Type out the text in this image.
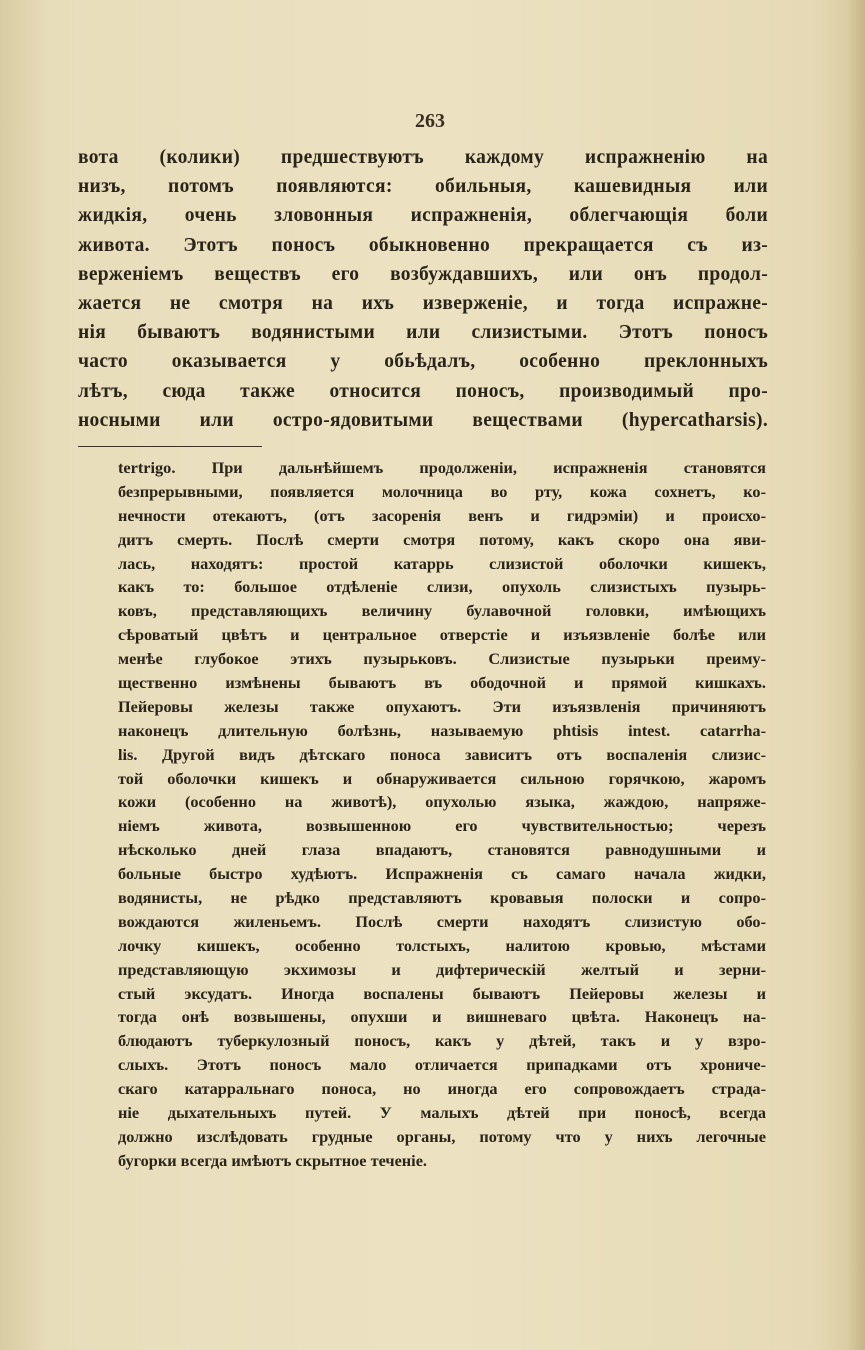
263
вота (колики) предшествуютъ каждому испражненію на
низъ, потомъ появляются: обильныя, кашевидныя или
жидкія, очень зловонныя испражненія, облегчающія боли
живота. Этотъ поносъ обыкновенно прекращается съ из-
верженіемъ веществъ его возбуждавшихъ, или онъ продол-
жается не смотря на ихъ изверженіе, и тогда испражне-
нія бываютъ водянистыми или слизистыми. Этотъ поносъ
часто оказывается у обьѣдалъ, особенно преклонныхъ
лѣтъ, сюда также относится поносъ, производимый про-
носными или остро-ядовитыми веществами (hypercatharsis).
tertrigo. При дальнѣйшемъ продолженіи, испражненія становятся
безпрерывными, появляется молочница во рту, кожа сохнетъ, ко-
нечности отекаютъ, (отъ засоренія венъ и гидрэміи) и происхо-
дитъ смерть. Послѣ смерти смотря потому, какъ скоро она яви-
лась, находятъ: простой катаррь слизистой оболочки кишекъ,
какъ то: большое отдѣленіе слизи, опухоль слизистыхъ пузырь-
ковъ, представляющихъ величину булавочной головки, имѣющихъ
сѣроватый цвѣтъ и центральное отверстіе и изъязвленіе болѣе или
менѣе глубокое этихъ пузырьковъ. Слизистые пузырьки преиму-
щественно измѣнены бываютъ въ ободочной и прямой кишкахъ.
Пейеровы железы также опухаютъ. Эти изъязвленія причиняютъ
наконецъ длительную болѣзнь, называемую phtisis intest. catarrha-
lis. Другой видъ дѣтскаго поноса зависитъ отъ воспаленія слизис-
той оболочки кишекъ и обнаруживается сильною горячкою, жаромъ
кожи (особенно на животѣ), опухолью языка, жаждою, напряже-
ніемъ живота, возвышенною его чувствительностью; черезъ
нѣсколько дней глаза впадаютъ, становятся равнодушными и
больные быстро худѣютъ. Испражненія съ самаго начала жидки,
водянисты, не рѣдко представляютъ кровавыя полоски и сопро-
вождаются жиленьемъ. Послѣ смерти находятъ слизистую обо-
лочку кишекъ, особенно толстыхъ, налитою кровью, мѣстами
представляющую экхимозы и дифтерическій желтый и зерни-
стый эксудатъ. Иногда воспалены бываютъ Пейеровы железы и
тогда онѣ возвышены, опухши и вишневаго цвѣта. Наконецъ на-
блюдаютъ туберкулозный поносъ, какъ у дѣтей, такъ и у взро-
слыхъ. Этотъ поносъ мало отличается припадками отъ хрониче-
скаго катарральнаго поноса, но иногда его сопровождаетъ страда-
ніе дыхательныхъ путей. У малыхъ дѣтей при поносѣ, всегда
должно изслѣдовать грудные органы, потому что у нихъ легочные
бугорки всегда имѣютъ скрытное теченіе.
